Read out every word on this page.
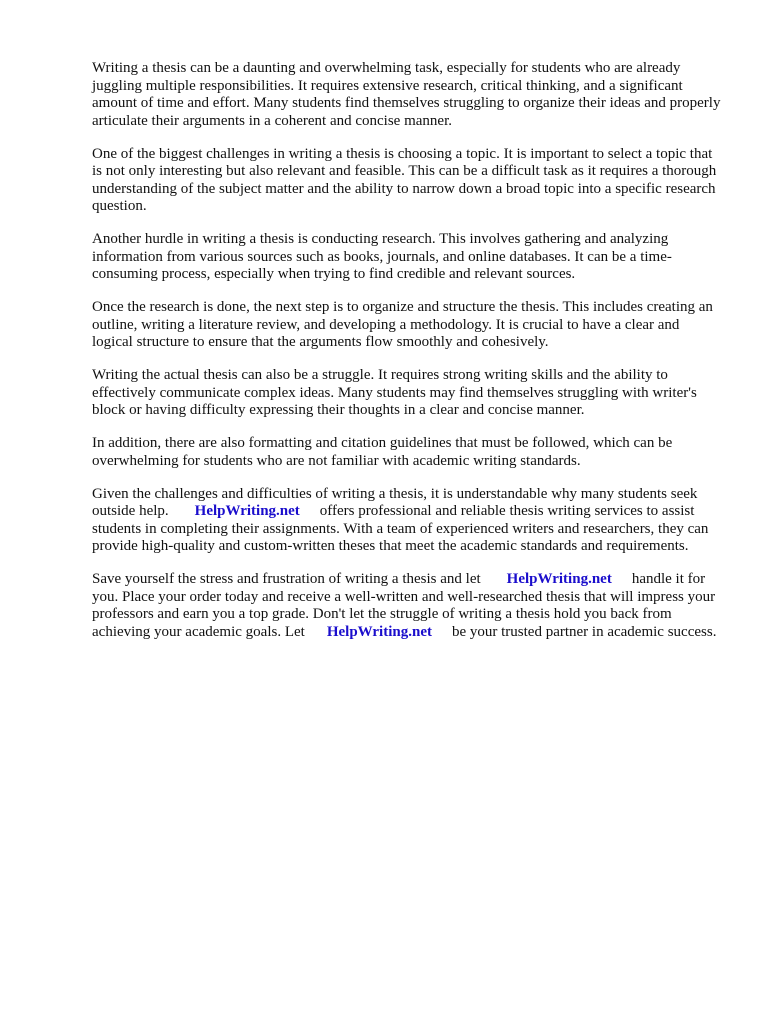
Writing a thesis can be a daunting and overwhelming task, especially for students who are already juggling multiple responsibilities. It requires extensive research, critical thinking, and a significant amount of time and effort. Many students find themselves struggling to organize their ideas and properly articulate their arguments in a coherent and concise manner.

One of the biggest challenges in writing a thesis is choosing a topic. It is important to select a topic that is not only interesting but also relevant and feasible. This can be a difficult task as it requires a thorough understanding of the subject matter and the ability to narrow down a broad topic into a specific research question.

Another hurdle in writing a thesis is conducting research. This involves gathering and analyzing information from various sources such as books, journals, and online databases. It can be a time-consuming process, especially when trying to find credible and relevant sources.

Once the research is done, the next step is to organize and structure the thesis. This includes creating an outline, writing a literature review, and developing a methodology. It is crucial to have a clear and logical structure to ensure that the arguments flow smoothly and cohesively.

Writing the actual thesis can also be a struggle. It requires strong writing skills and the ability to effectively communicate complex ideas. Many students may find themselves struggling with writer's block or having difficulty expressing their thoughts in a clear and concise manner.

In addition, there are also formatting and citation guidelines that must be followed, which can be overwhelming for students who are not familiar with academic writing standards.

Given the challenges and difficulties of writing a thesis, it is understandable why many students seek outside help. HelpWriting.net offers professional and reliable thesis writing services to assist students in completing their assignments. With a team of experienced writers and researchers, they can provide high-quality and custom-written theses that meet the academic standards and requirements.

Save yourself the stress and frustration of writing a thesis and let HelpWriting.net handle it for you. Place your order today and receive a well-written and well-researched thesis that will impress your professors and earn you a top grade. Don't let the struggle of writing a thesis hold you back from achieving your academic goals. Let HelpWriting.net be your trusted partner in academic success.
